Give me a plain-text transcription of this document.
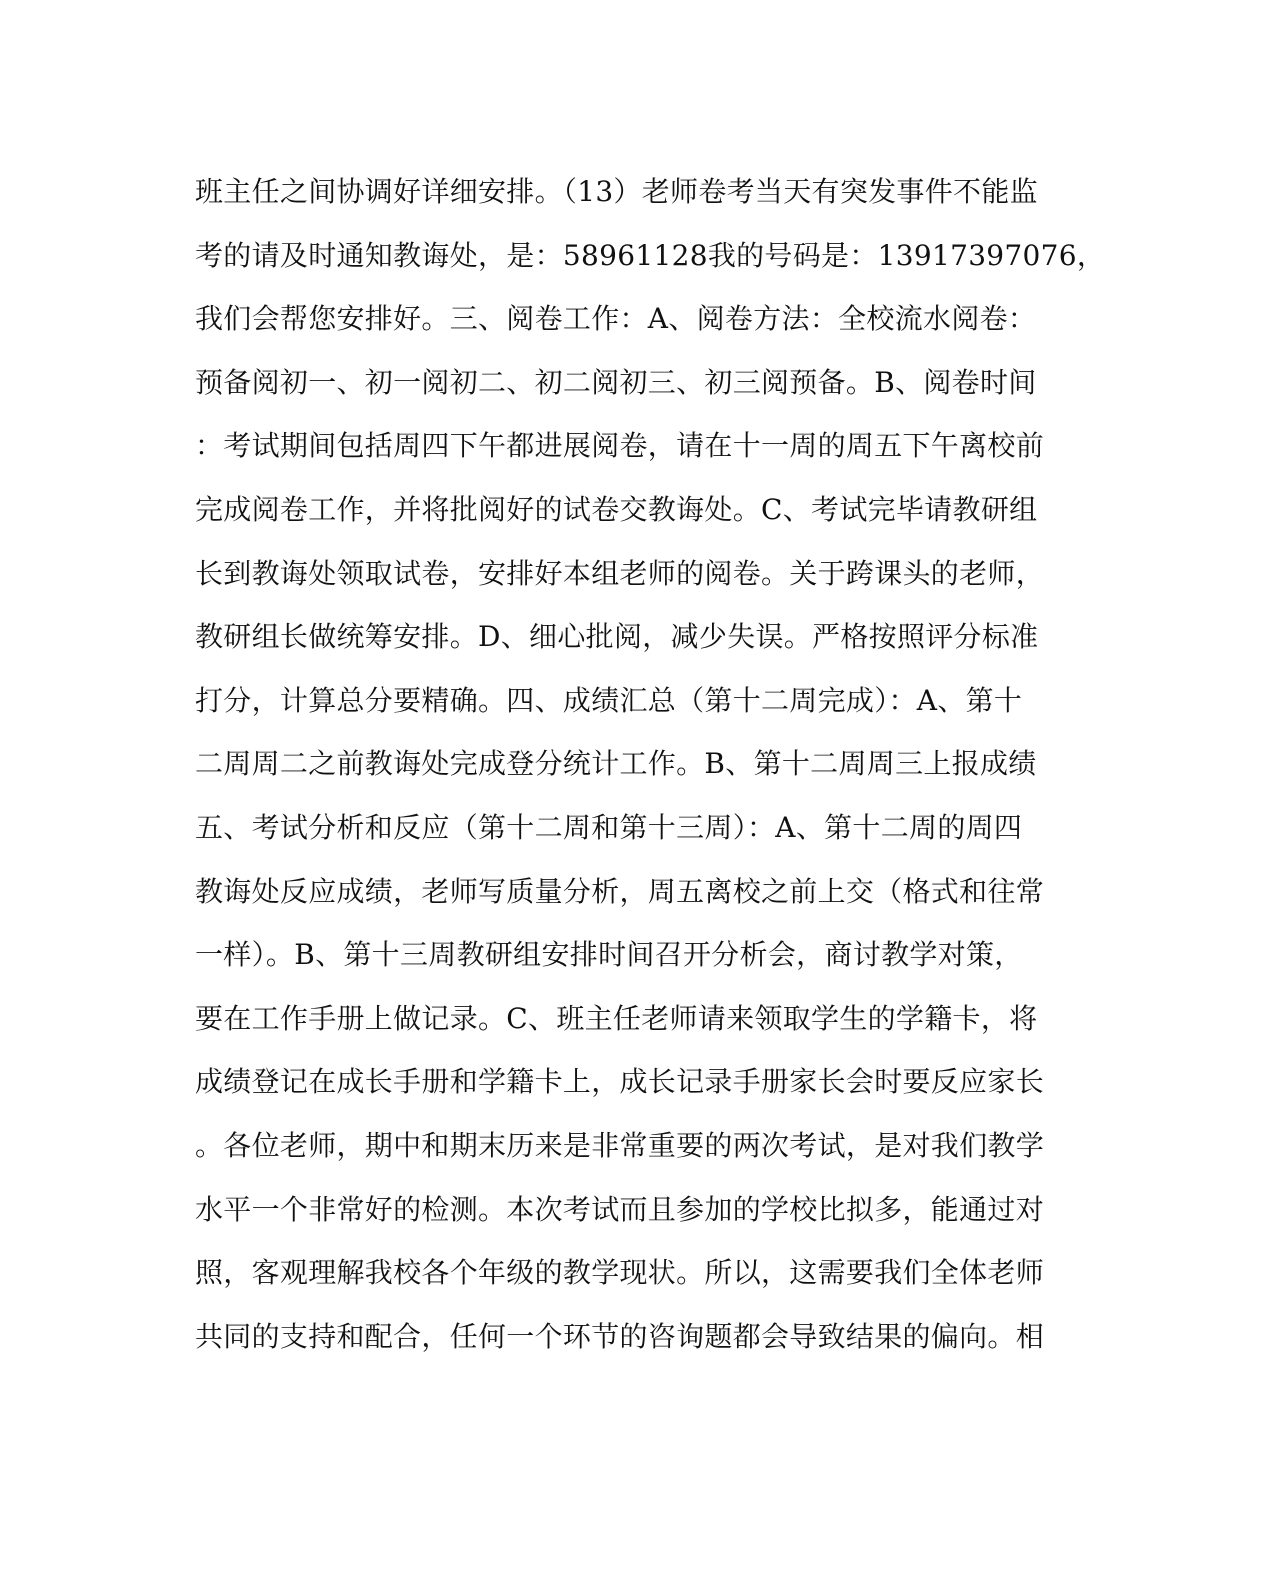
班主任之间协调好详细安排。（13）老师卷考当天有突发事件不能监
考的请及时通知教诲处，是：58961128我的号码是：13917397076，
我们会帮您安排好。三、阅卷工作：A、阅卷方法：全校流水阅卷：
预备阅初一、初一阅初二、初二阅初三、初三阅预备。B、阅卷时间
：考试期间包括周四下午都进展阅卷，请在十一周的周五下午离校前
完成阅卷工作，并将批阅好的试卷交教诲处。C、考试完毕请教研组
长到教诲处领取试卷，安排好本组老师的阅卷。关于跨课头的老师，
教研组长做统筹安排。D、细心批阅，减少失误。严格按照评分标准
打分，计算总分要精确。四、成绩汇总（第十二周完成）：A、第十
二周周二之前教诲处完成登分统计工作。B、第十二周周三上报成绩
五、考试分析和反应（第十二周和第十三周）：A、第十二周的周四
教诲处反应成绩，老师写质量分析，周五离校之前上交（格式和往常
一样）。B、第十三周教研组安排时间召开分析会，商讨教学对策，
要在工作手册上做记录。C、班主任老师请来领取学生的学籍卡，将
成绩登记在成长手册和学籍卡上，成长记录手册家长会时要反应家长
。各位老师，期中和期末历来是非常重要的两次考试，是对我们教学
水平一个非常好的检测。本次考试而且参加的学校比拟多，能通过对
照，客观理解我校各个年级的教学现状。所以，这需要我们全体老师
共同的支持和配合，任何一个环节的咨询题都会导致结果的偏向。相
